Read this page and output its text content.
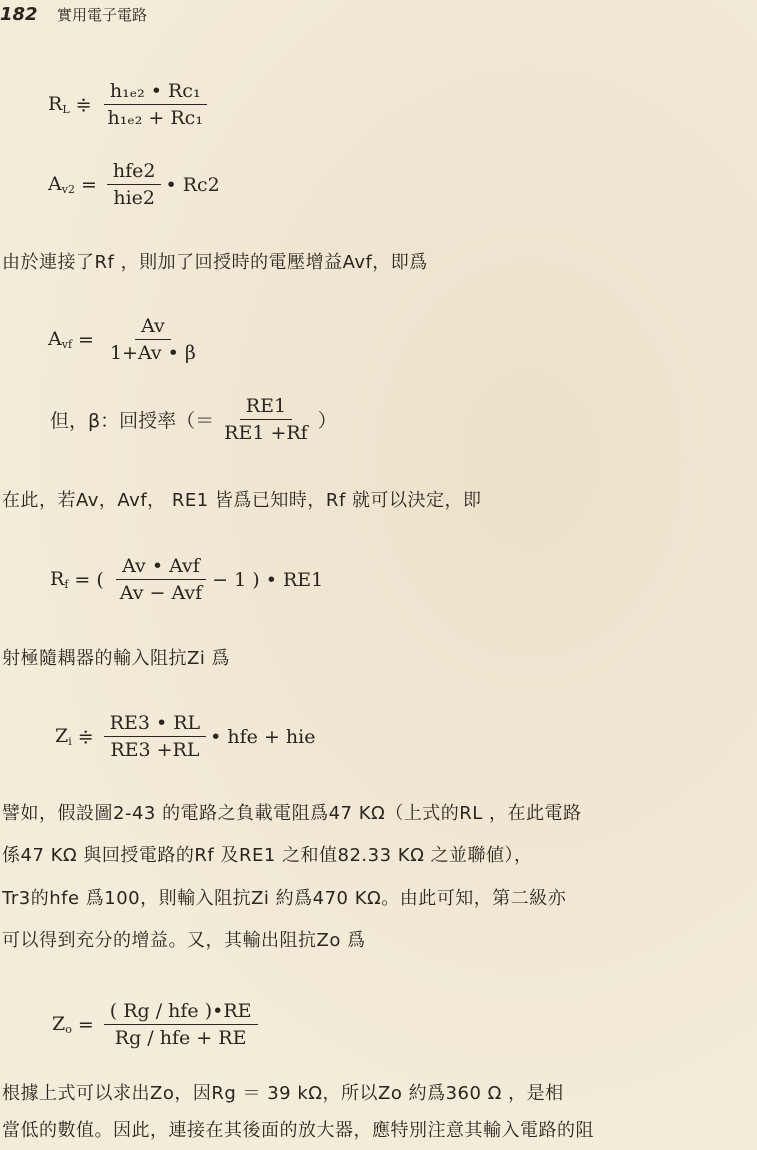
182 實用電子電路
$R_L$ ≑ $\frac{\text{h₁ₑ₂ • Rc₁}}{\text{h₁ₑ₂ + Rc₁}}$
$A_{v2} = \frac{\text{hfe2}}{\text{hie2}}$ • Rc2
由於連接了Rf ，則加了回授時的電壓增益Avf，即爲
$A_{vf} = \frac{Av}{1+Av • \beta}$
但，β：回授率（＝ $\frac{RE1}{RE1 +Rf}$ ）
在此，若Av，Avf， RE1 皆爲已知時，Rf 就可以決定，即
$R_f$ = ( $\frac{\text{Av • Avf}}{\text{Av − Avf}} - 1$ ) • RE1
射極隨耦器的輸入阻抗Zi 爲
$Z_i$ ≑ $\frac{RE3 • RL}{RE3 +RL}$ • hfe + hie
譬如，假設圖2-43 的電路之負載電阻爲47 KΩ（上式的RL ，在此電路
係47 KΩ 與回授電路的Rf 及RE1 之和值82.33 KΩ 之並聯値），
Tr3的hfe 爲100，則輸入阻抗Zi 約爲470 KΩ。由此可知，第二級亦
可以得到充分的增益。又，其輸出阻抗Zo 爲
$Z_o = \frac{\text{( Rg / hfe )•RE}}{\text{Rg / hfe + RE}}$
根據上式可以求出Zo，因Rg ＝ 39 kΩ，所以Zo 約爲360 Ω ，是相
當低的數值。因此，連接在其後面的放大器，應特別注意其輸入電路的阻
